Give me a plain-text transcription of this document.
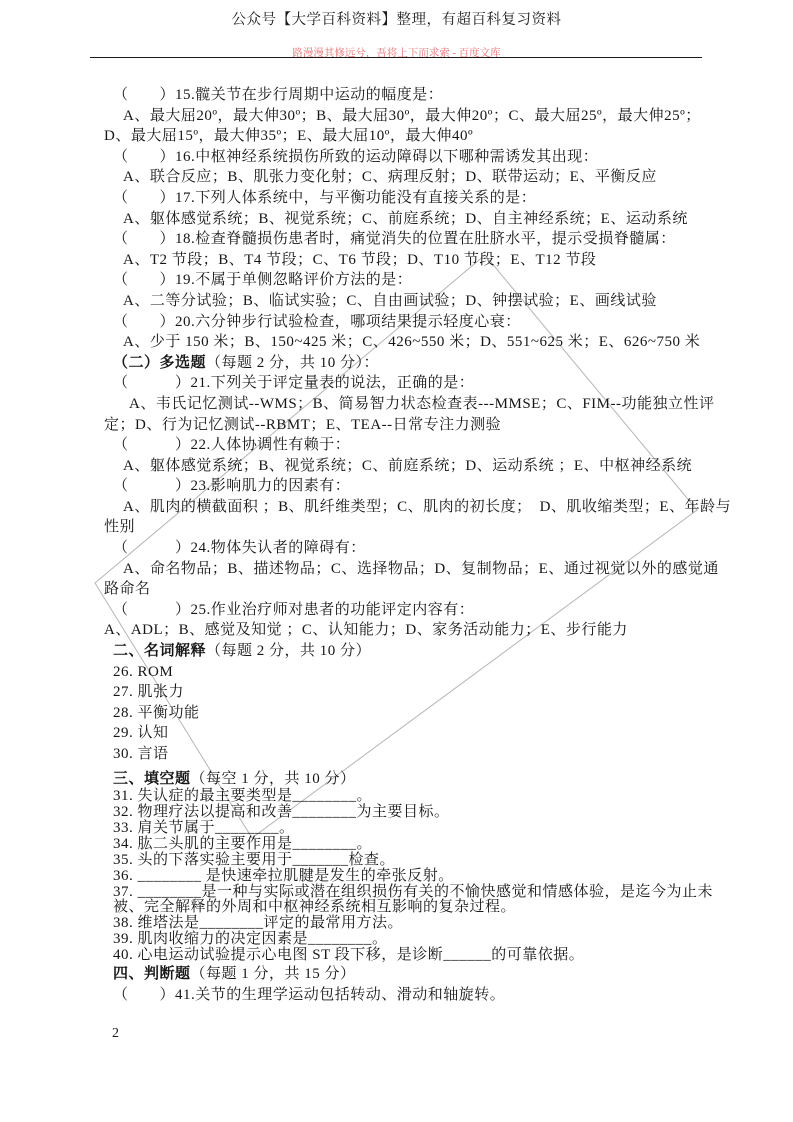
公众号【大学百科资料】整理，有超百科复习资料
路漫漫其修远兮，吾将上下而求索 - 百度文库
（　　）15.髋关节在步行周期中运动的幅度是：
A、最大屈20º，最大伸30º；B、最大屈30º，最大伸20º；C、最大屈25º，最大伸25º；
D、最大屈15º，最大伸35º；E、最大屈10º，最大伸40º
（　　）16.中枢神经系统损伤所致的运动障碍以下哪种需诱发其出现：
A、联合反应；B、肌张力变化射；C、病理反射；D、联带运动；E、平衡反应
（　　）17.下列人体系统中，与平衡功能没有直接关系的是：
A、躯体感觉系统；B、视觉系统；C、前庭系统；D、自主神经系统；E、运动系统
（　　）18.检查脊髓损伤患者时，痛觉消失的位置在肚脐水平，提示受损脊髓属：
A、T2 节段；B、T4 节段；C、T6 节段；D、T10 节段；E、T12 节段
（　　）19.不属于单侧忽略评价方法的是：
A、二等分试验；B、临试实验；C、自由画试验；D、钟摆试验；E、画线试验
（　　）20.六分钟步行试验检查，哪项结果提示轻度心衰：
A、少于 150 米；B、150~425 米；C、426~550 米；D、551~625 米；E、626~750 米
（二）多选题（每题 2 分，共 10 分）：
（　　　）21.下列关于评定量表的说法，正确的是：
A、韦氏记忆测试--WMS；B、简易智力状态检查表---MMSE；C、FIM--功能独立性评
定；D、行为记忆测试--RBMT；E、TEA--日常专注力测验
（　　　）22.人体协调性有赖于：
A、躯体感觉系统；B、视觉系统；C、前庭系统；D、运动系统 ；E、中枢神经系统
（　　　）23.影响肌力的因素有：
A、肌肉的横截面积 ；B、肌纤维类型；C、肌肉的初长度；　D、肌收缩类型；E、年龄与
性别
（　　　）24.物体失认者的障碍有：
A、命名物品；B、描述物品；C、选择物品；D、复制物品；E、通过视觉以外的感觉通
路命名
（　　　）25.作业治疗师对患者的功能评定内容有：
A、ADL；B、感觉及知觉 ；C、认知能力；D、家务活动能力；E、步行能力
二、名词解释（每题 2 分，共 10 分）
26. ROM
27. 肌张力
28. 平衡功能
29. 认知
30. 言语
三、填空题（每空 1 分，共 10 分）
31. 失认症的最主要类型是________。
32. 物理疗法以提高和改善________为主要目标。
33. 肩关节属于________。
34. 肱二头肌的主要作用是________。
35. 头的下落实验主要用于_______检查。
36. ________ 是快速牵拉肌腱是发生的牵张反射。
37. ________是一种与实际或潜在组织损伤有关的不愉快感觉和情感体验，是迄今为止未
被、完全解释的外周和中枢神经系统相互影响的复杂过程。
38. 维塔法是________评定的最常用方法。
39. 肌肉收缩力的决定因素是________。
40. 心电运动试验提示心电图 ST 段下移，是诊断______的可靠依据。
四、判断题（每题 1 分，共 15 分）
（　　）41.关节的生理学运动包括转动、滑动和轴旋转。
2
